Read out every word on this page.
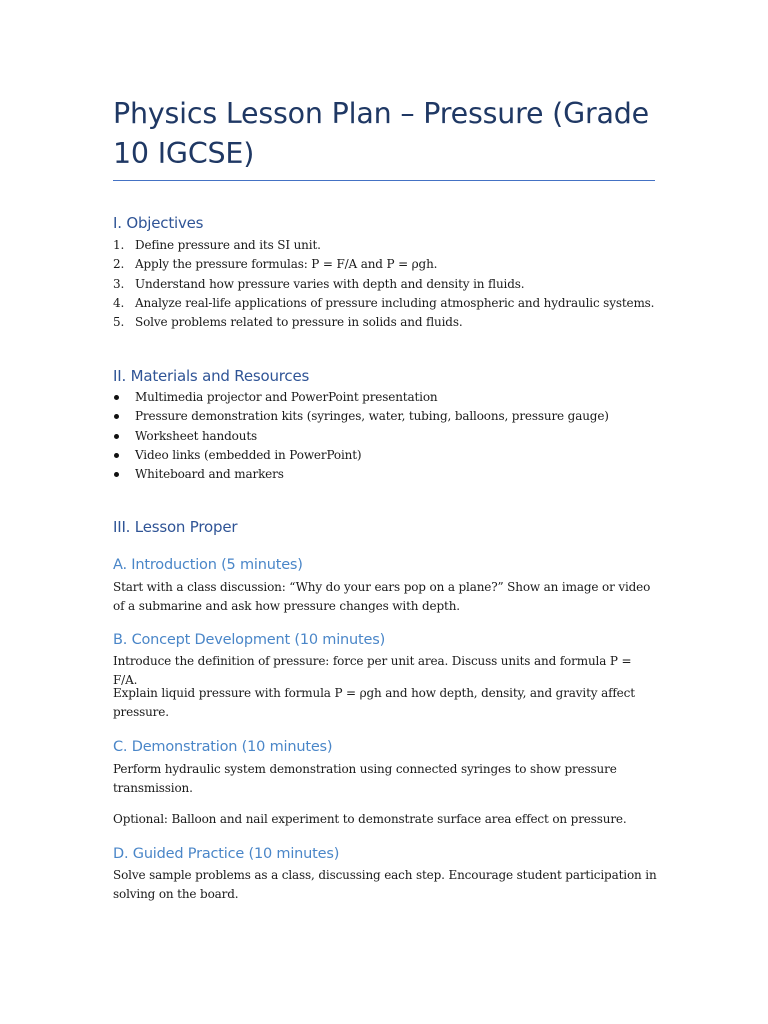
Physics Lesson Plan – Pressure (Grade 10 IGCSE)
I. Objectives
1. Define pressure and its SI unit.
2. Apply the pressure formulas: P = F/A and P = ρgh.
3. Understand how pressure varies with depth and density in fluids.
4. Analyze real-life applications of pressure including atmospheric and hydraulic systems.
5. Solve problems related to pressure in solids and fluids.
II. Materials and Resources
Multimedia projector and PowerPoint presentation
Pressure demonstration kits (syringes, water, tubing, balloons, pressure gauge)
Worksheet handouts
Video links (embedded in PowerPoint)
Whiteboard and markers
III. Lesson Proper
A. Introduction (5 minutes)

Start with a class discussion: “Why do your ears pop on a plane?” Show an image or video of a submarine and ask how pressure changes with depth.

B. Concept Development (10 minutes)

Introduce the definition of pressure: force per unit area. Discuss units and formula P = F/A.

Explain liquid pressure with formula P = ρgh and how depth, density, and gravity affect pressure.

C. Demonstration (10 minutes)

Perform hydraulic system demonstration using connected syringes to show pressure transmission.

Optional: Balloon and nail experiment to demonstrate surface area effect on pressure.

D. Guided Practice (10 minutes)

Solve sample problems as a class, discussing each step. Encourage student participation in solving on the board.
